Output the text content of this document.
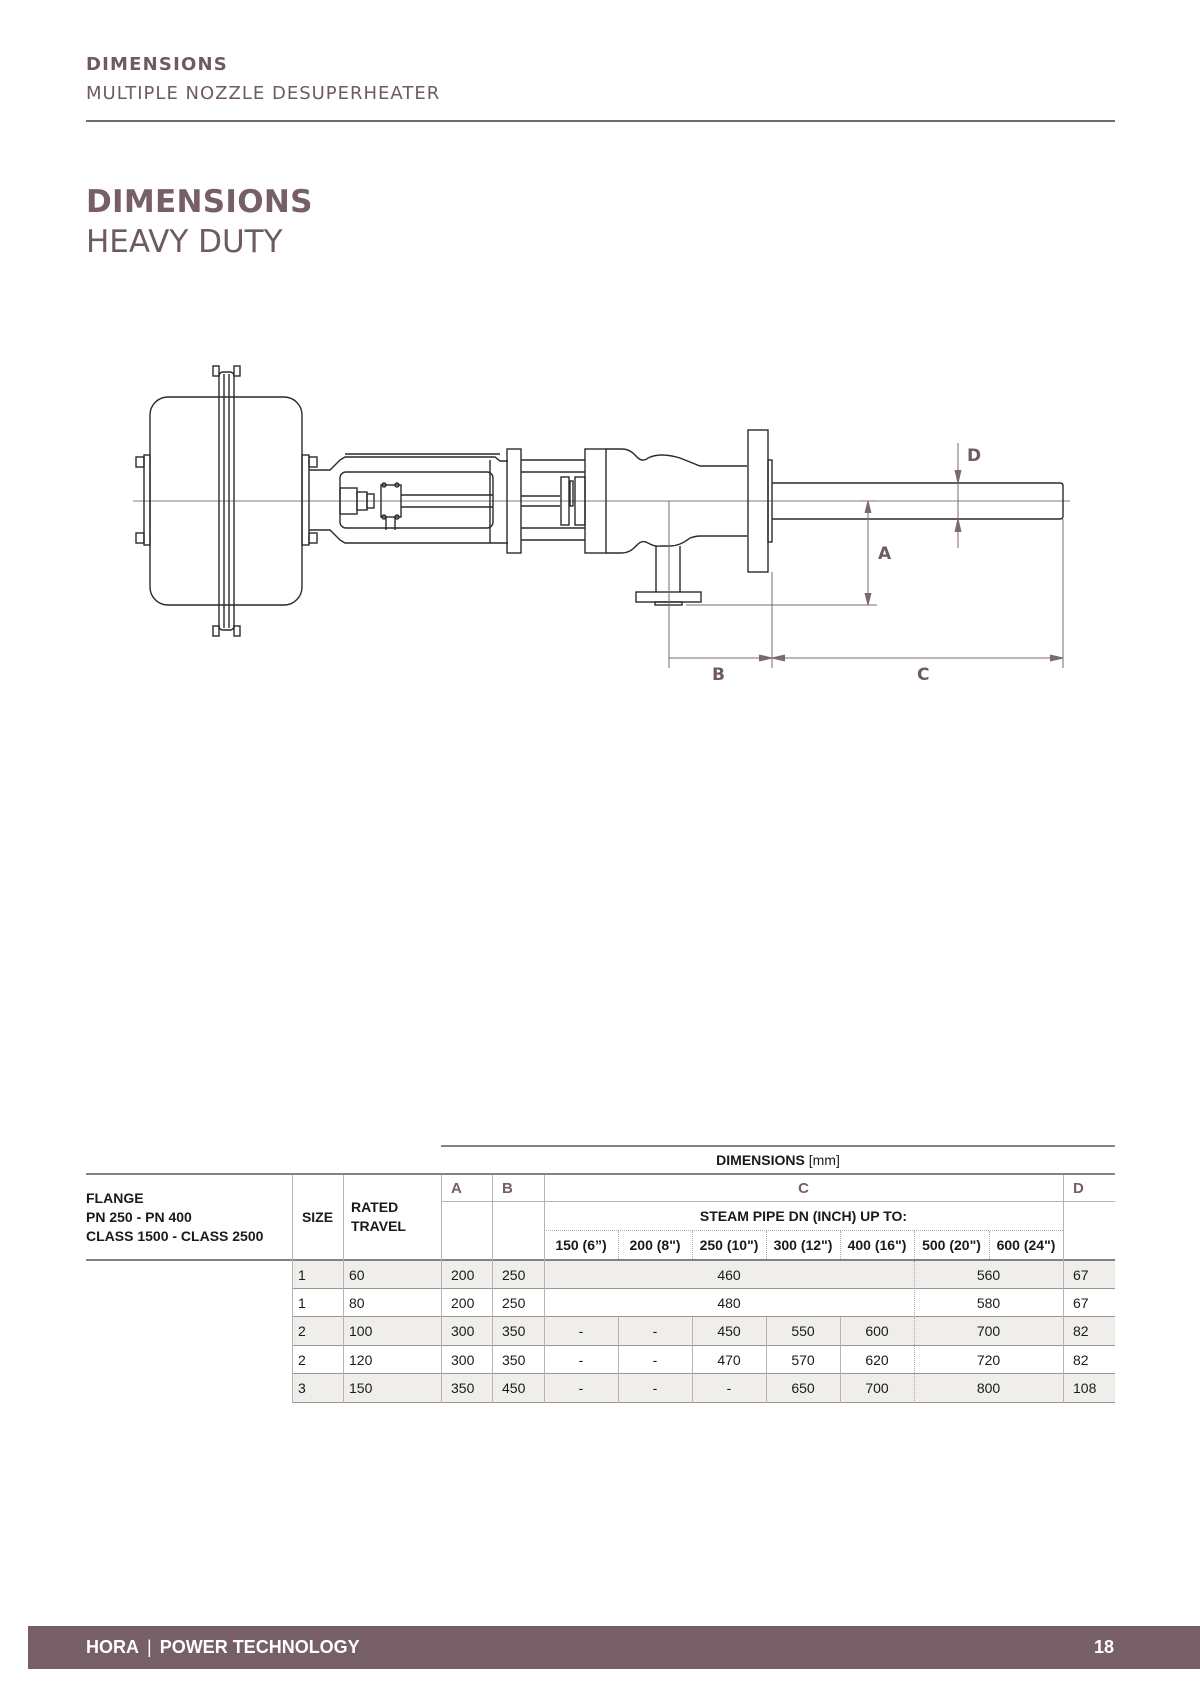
DIMENSIONS
MULTIPLE NOZZLE DESUPERHEATER
DIMENSIONS
HEAVY DUTY
D
A
B	C
DIMENSIONS
[mm]
FLANGE
PN 250 - PN 400
CLASS 1500 - CLASS 2500
SIZE
RATED
TRAVEL
A	B	C	D
STEAM PIPE DN (INCH) UP TO:
150 (6”)	200 (8")	250 (10")	300 (12")	400 (16")	500 (20")	600 (24")
1	60	200	250	460	560	67
1	80	200	250	480	580	67
2	100	300	350	-	-	450	550	600	700	82
2	120	300	350	-	-	470	570	620	720	82
3	150	350	450	-	-	-	650	700	800	108
HORA | POWER TECHNOLOGY	18
